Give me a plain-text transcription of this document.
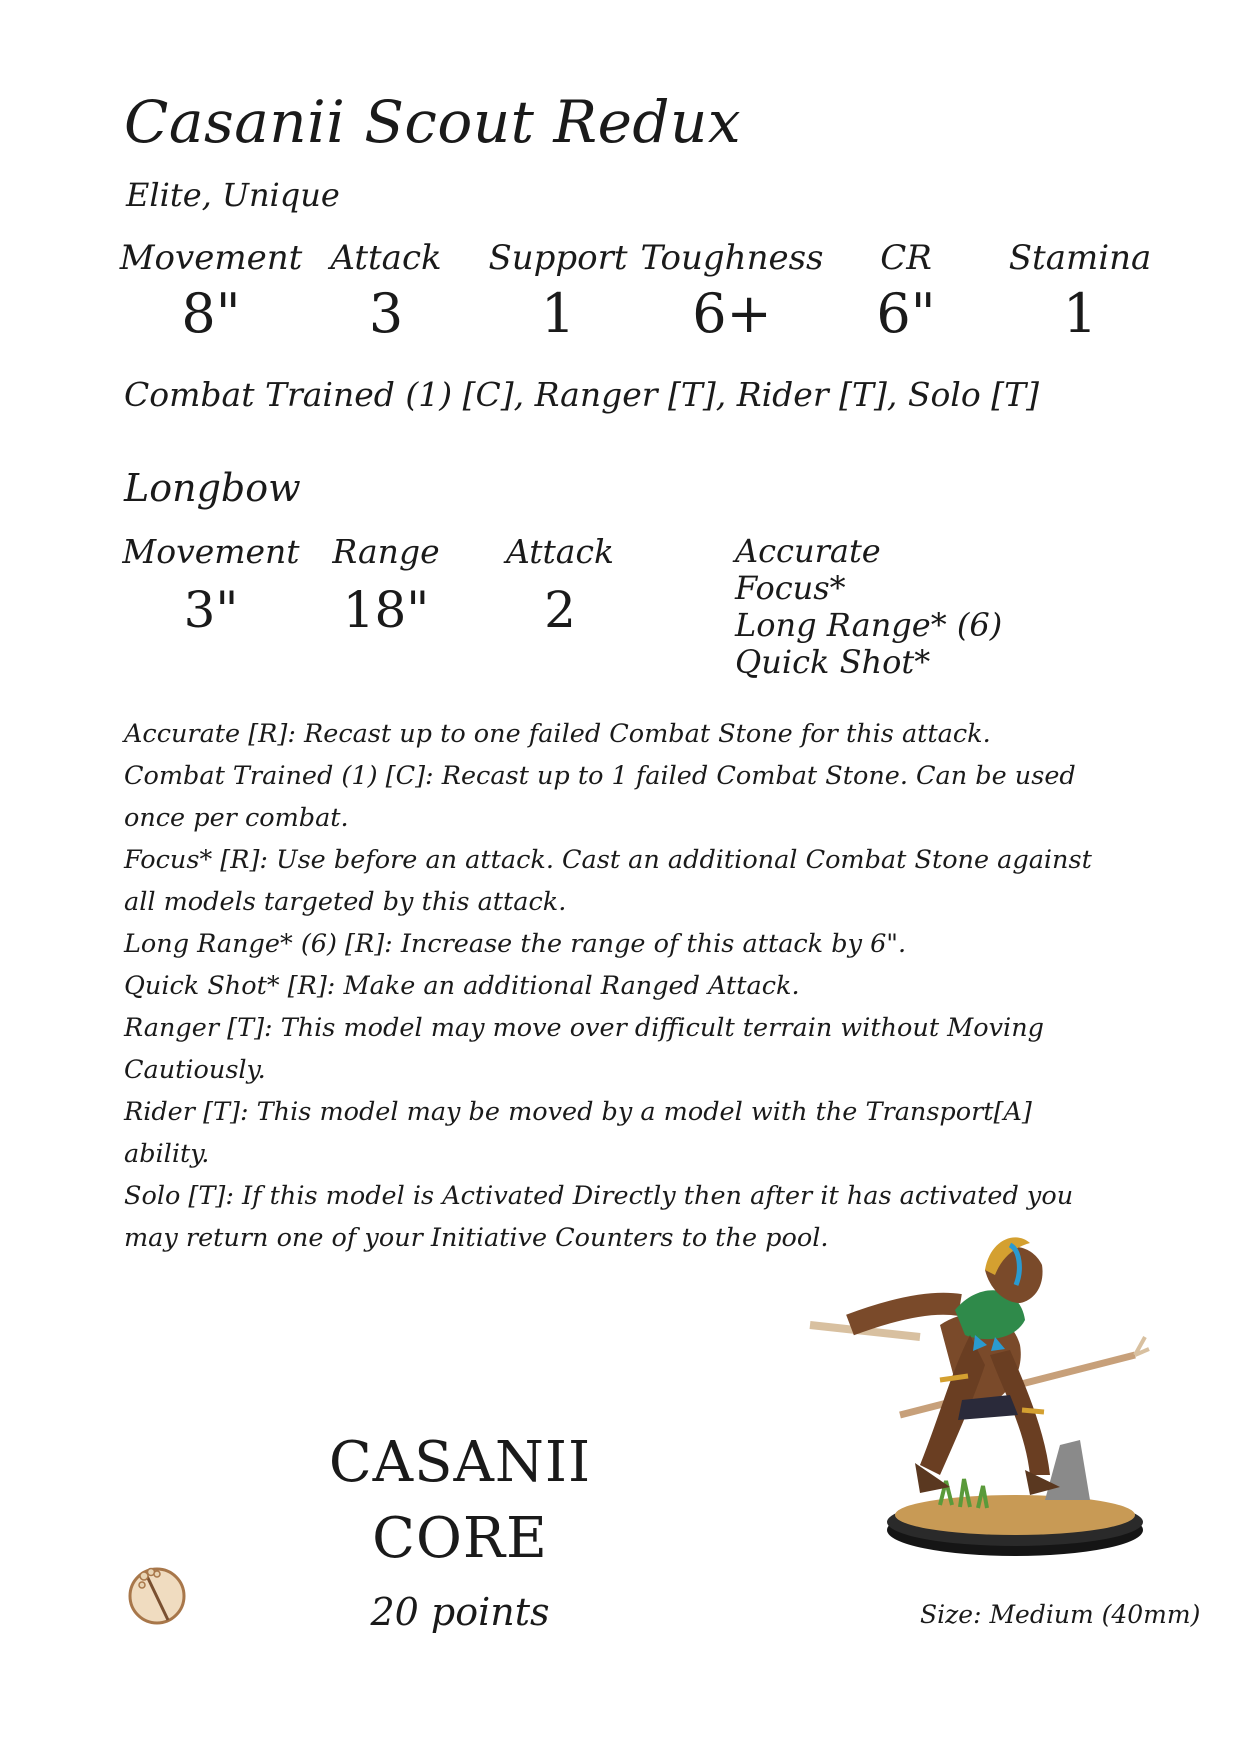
Casanii Scout Redux
Elite, Unique
Movement
8"
Attack
3
Support
1
Toughness
6+
CR
6"
Stamina
1
Combat Trained (1) [C], Ranger [T], Rider [T], Solo [T]
Longbow
Movement
3"
Range
18"
Attack
2
Accurate
Focus*
Long Range* (6)
Quick Shot*

Accurate [R]: Recast up to one failed Combat Stone for this attack.

Combat Trained (1) [C]: Recast up to 1 failed Combat Stone. Can be used once per combat.

Focus* [R]: Use before an attack. Cast an additional Combat Stone against all models targeted by this attack.

Long Range* (6) [R]: Increase the range of this attack by 6".

Quick Shot* [R]: Make an additional Ranged Attack.

Ranger [T]: This model may move over difficult terrain without Moving Cautiously.

Rider [T]: This model may be moved by a model with the Transport[A] ability.

Solo [T]: If this model is Activated Directly then after it has activated you may return one of your Initiative Counters to the pool.

CASANII
CORE
20 points	Size: Medium (40mm)
